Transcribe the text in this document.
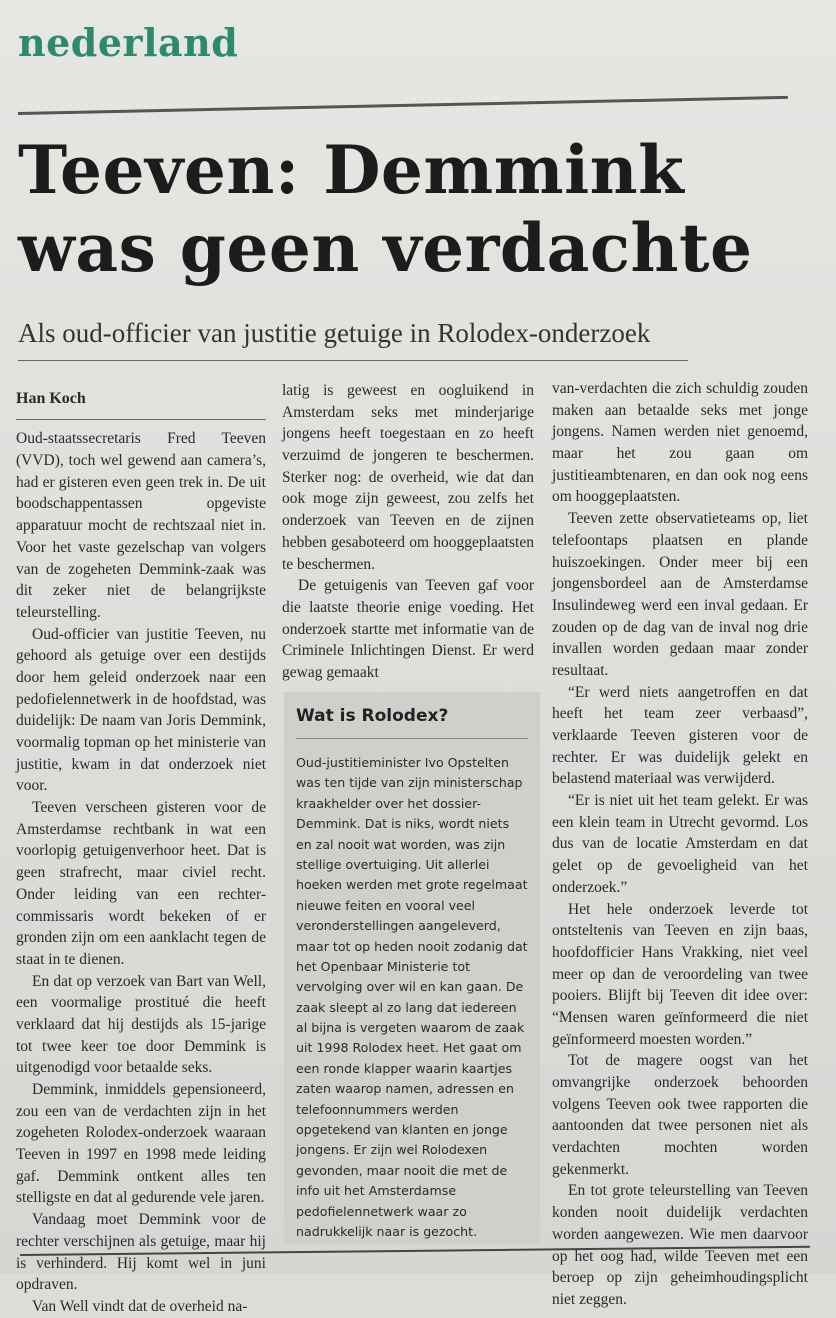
nederland
Teeven: Demmink
was geen verdachte
Als oud-officier van justitie getuige in Rolodex-onderzoek
Han Koch

Oud-staatssecretaris Fred Teeven (VVD), toch wel gewend aan camera’s, had er gisteren even geen trek in. De uit boodschappentassen opgeviste apparatuur mocht de rechtszaal niet in. Voor het vaste gezelschap van volgers van de zogeheten Demmink-zaak was dit zeker niet de belangrijkste teleurstelling.

Oud-officier van justitie Teeven, nu gehoord als getuige over een destijds door hem geleid onderzoek naar een pedofielennetwerk in de hoofdstad, was duidelijk: De naam van Joris Demmink, voormalig topman op het ministerie van justitie, kwam in dat onderzoek niet voor.

Teeven verscheen gisteren voor de Amsterdamse rechtbank in wat een voorlopig getuigenverhoor heet. Dat is geen strafrecht, maar civiel recht. Onder leiding van een rechter-commissaris wordt bekeken of er gronden zijn om een aanklacht tegen de staat in te dienen.

En dat op verzoek van Bart van Well, een voormalige prostitué die heeft verklaard dat hij destijds als 15-jarige tot twee keer toe door Demmink is uitgenodigd voor betaalde seks.

Demmink, inmiddels gepensioneerd, zou een van de verdachten zijn in het zogeheten Rolodex-onderzoek waaraan Teeven in 1997 en 1998 mede leiding gaf. Demmink ontkent alles ten stelligste en dat al gedurende vele jaren.

Vandaag moet Demmink voor de rechter verschijnen als getuige, maar hij is verhinderd. Hij komt wel in juni opdraven.

Van Well vindt dat de overheid na-

latig is geweest en oogluikend in Amsterdam seks met minderjarige jongens heeft toegestaan en zo heeft verzuimd de jongeren te beschermen. Sterker nog: de overheid, wie dat dan ook moge zijn geweest, zou zelfs het onderzoek van Teeven en de zijnen hebben gesaboteerd om hooggeplaatsten te beschermen.

De getuigenis van Teeven gaf voor die laatste theorie enige voeding. Het onderzoek startte met informatie van de Criminele Inlichtingen Dienst. Er werd gewag gemaakt

Wat is Rolodex?
Oud-justitieminister Ivo Opstelten was ten tijde van zijn ministerschap kraakhelder over het dossier-Demmink. Dat is niks, wordt niets en zal nooit wat worden, was zijn stellige overtuiging. Uit allerlei hoeken werden met grote regelmaat nieuwe feiten en vooral veel veronderstellingen aangeleverd, maar tot op heden nooit zodanig dat het Openbaar Ministerie tot vervolging over wil en kan gaan. De zaak sleept al zo lang dat iedereen al bijna is vergeten waarom de zaak uit 1998 Rolodex heet. Het gaat om een ronde klapper waarin kaartjes zaten waarop namen, adressen en telefoonnummers werden opgetekend van klanten en jonge jongens. Er zijn wel Rolodexen gevonden, maar nooit die met de info uit het Amsterdamse pedofielennetwerk waar zo nadrukkelijk naar is gezocht.

van-verdachten die zich schuldig zouden maken aan betaalde seks met jonge jongens. Namen werden niet genoemd, maar het zou gaan om justitieambtenaren, en dan ook nog eens om hooggeplaatsten.

Teeven zette observatieteams op, liet telefoontaps plaatsen en plande huiszoekingen. Onder meer bij een jongensbordeel aan de Amsterdamse Insulindeweg werd een inval gedaan. Er zouden op de dag van de inval nog drie invallen worden gedaan maar zonder resultaat.

“Er werd niets aangetroffen en dat heeft het team zeer verbaasd”, verklaarde Teeven gisteren voor de rechter. Er was duidelijk gelekt en belastend materiaal was verwijderd.

“Er is niet uit het team gelekt. Er was een klein team in Utrecht gevormd. Los dus van de locatie Amsterdam en dat gelet op de gevoeligheid van het onderzoek.”

Het hele onderzoek leverde tot ontsteltenis van Teeven en zijn baas, hoofdofficier Hans Vrakking, niet veel meer op dan de veroordeling van twee pooiers. Blijft bij Teeven dit idee over: “Mensen waren geïnformeerd die niet geïnformeerd moesten worden.”

Tot de magere oogst van het omvangrijke onderzoek behoorden volgens Teeven ook twee rapporten die aantoonden dat twee personen niet als verdachten mochten worden gekenmerkt.

En tot grote teleurstelling van Teeven konden nooit duidelijk verdachten worden aangewezen. Wie men daarvoor op het oog had, wilde Teeven met een beroep op zijn geheimhoudingsplicht niet zeggen.
